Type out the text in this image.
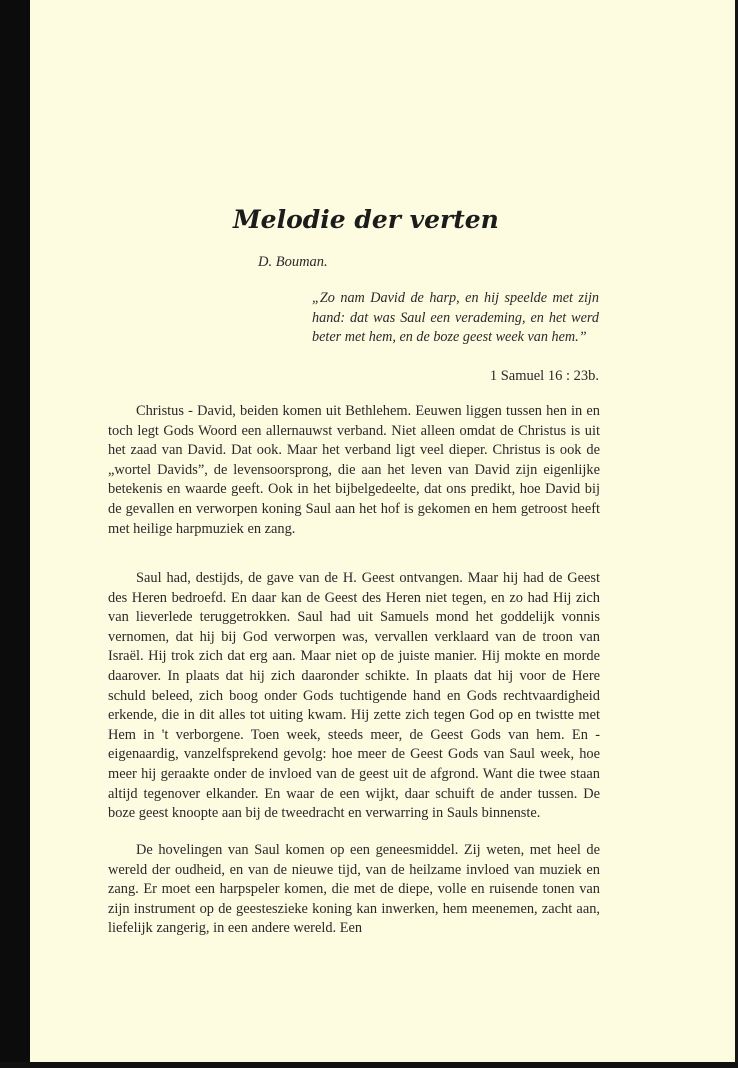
Melodie der verten
D. Bouman.

„Zo nam David de harp, en hij speelde met zijn hand: dat was Saul een verademing, en het werd beter met hem, en de boze geest week van hem.”

1 Samuel 16 : 23b.

Christus - David, beiden komen uit Bethlehem. Eeuwen liggen tussen hen in en toch legt Gods Woord een allernauwst verband. Niet alleen omdat de Christus is uit het zaad van David. Dat ook. Maar het verband ligt veel dieper. Christus is ook de „wortel Davids”, de levensoorsprong, die aan het leven van David zijn eigenlijke betekenis en waarde geeft. Ook in het bijbelgedeelte, dat ons predikt, hoe David bij de gevallen en verworpen koning Saul aan het hof is gekomen en hem getroost heeft met heilige harpmuziek en zang.

Saul had, destijds, de gave van de H. Geest ontvangen. Maar hij had de Geest des Heren bedroefd. En daar kan de Geest des Heren niet tegen, en zo had Hij zich van lieverlede teruggetrokken. Saul had uit Samuels mond het goddelijk vonnis vernomen, dat hij bij God verworpen was, vervallen verklaard van de troon van Israël. Hij trok zich dat erg aan. Maar niet op de juiste manier. Hij mokte en morde daarover. In plaats dat hij zich daaronder schikte. In plaats dat hij voor de Here schuld beleed, zich boog onder Gods tuchtigende hand en Gods rechtvaardigheid erkende, die in dit alles tot uiting kwam. Hij zette zich tegen God op en twistte met Hem in 't verborgene. Toen week, steeds meer, de Geest Gods van hem. En - eigenaardig, vanzelfsprekend gevolg: hoe meer de Geest Gods van Saul week, hoe meer hij geraakte onder de invloed van de geest uit de afgrond. Want die twee staan altijd tegenover elkander. En waar de een wijkt, daar schuift de ander tussen. De boze geest knoopte aan bij de tweedracht en verwarring in Sauls binnenste.

De hovelingen van Saul komen op een geneesmiddel. Zij weten, met heel de wereld der oudheid, en van de nieuwe tijd, van de heilzame invloed van muziek en zang. Er moet een harpspeler komen, die met de diepe, volle en ruisende tonen van zijn instrument op de geesteszieke koning kan inwerken, hem meenemen, zacht aan, liefelijk zangerig, in een andere wereld. Een
